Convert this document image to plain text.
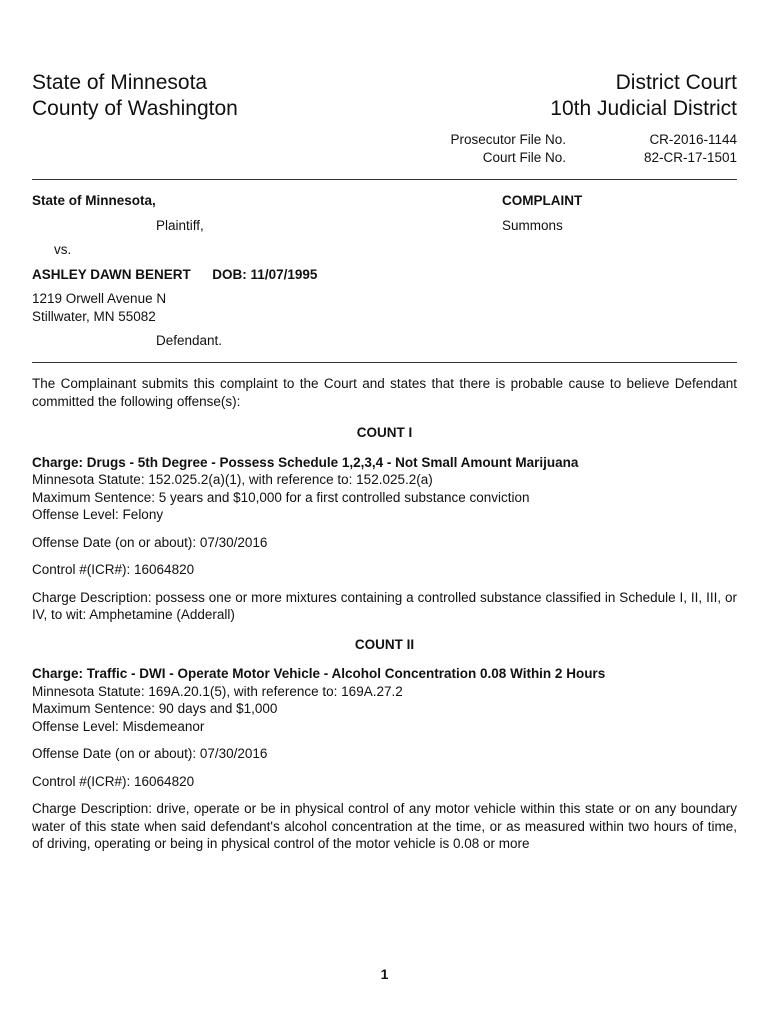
State of Minnesota	District Court
County of Washington	10th Judicial District
Prosecutor File No.	CR-2016-1144
Court File No.	82-CR-17-1501
State of Minnesota,	COMPLAINT
Plaintiff,	Summons
vs.
ASHLEY DAWN BENERT DOB: 11/07/1995
1219 Orwell Avenue N
Stillwater, MN 55082
Defendant.

The Complainant submits this complaint to the Court and states that there is probable cause to believe Defendant committed the following offense(s):

COUNT I

Charge: Drugs - 5th Degree - Possess Schedule 1,2,3,4 - Not Small Amount Marijuana

Minnesota Statute: 152.025.2(a)(1), with reference to: 152.025.2(a)

Maximum Sentence: 5 years and $10,000 for a first controlled substance conviction

Offense Level: Felony

Offense Date (on or about): 07/30/2016

Control #(ICR#): 16064820

Charge Description: possess one or more mixtures containing a controlled substance classified in Schedule I, II, III, or IV, to wit: Amphetamine (Adderall)

COUNT II

Charge: Traffic - DWI - Operate Motor Vehicle - Alcohol Concentration 0.08 Within 2 Hours

Minnesota Statute: 169A.20.1(5), with reference to: 169A.27.2

Maximum Sentence: 90 days and $1,000

Offense Level: Misdemeanor

Offense Date (on or about): 07/30/2016

Control #(ICR#): 16064820

Charge Description: drive, operate or be in physical control of any motor vehicle within this state or on any boundary water of this state when said defendant's alcohol concentration at the time, or as measured within two hours of time, of driving, operating or being in physical control of the motor vehicle is 0.08 or more

1
